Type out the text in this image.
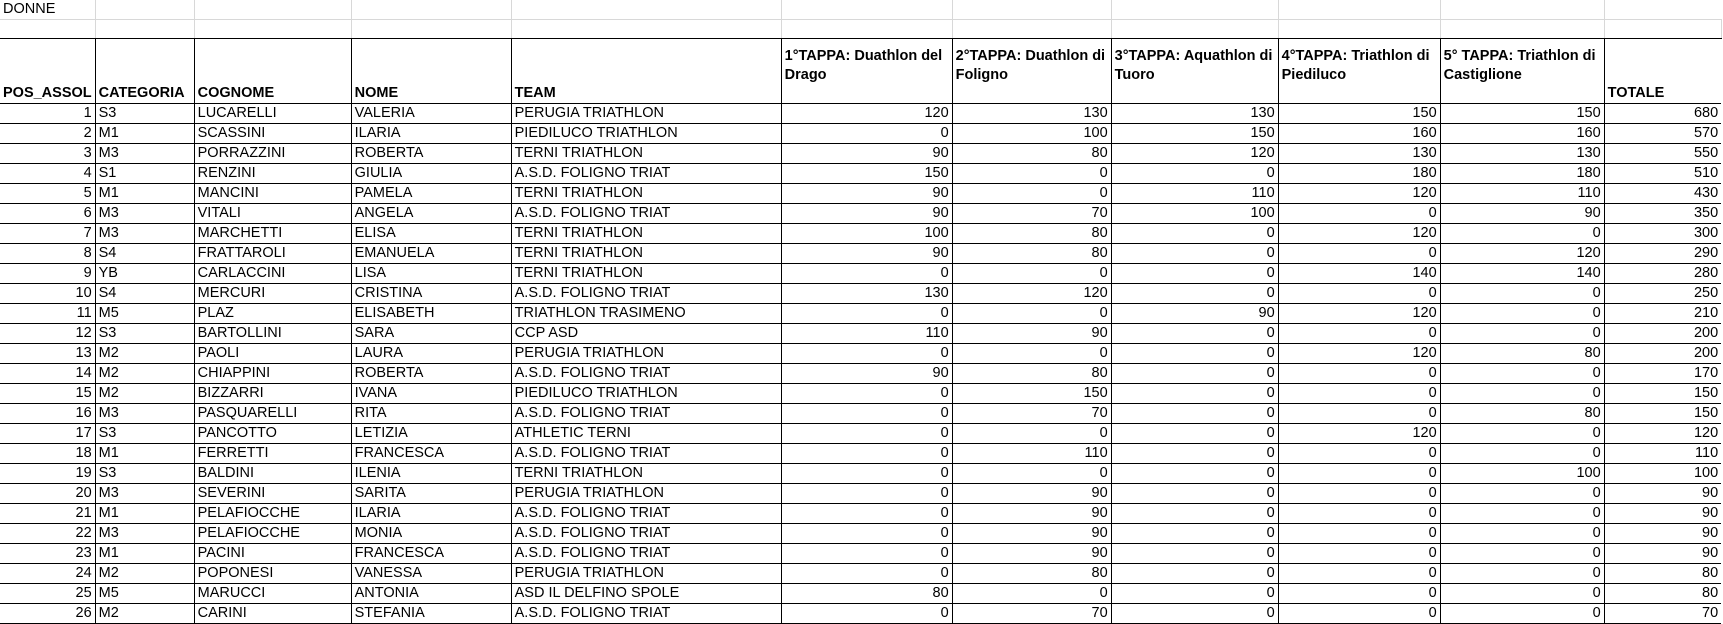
DONNE										

POS_ASSOL	CATEGORIA	COGNOME	NOME	TEAM	1°TAPPA: Duathlon del Drago	2°TAPPA: Duathlon di Foligno	3°TAPPA: Aquathlon di Tuoro	4°TAPPA: Triathlon di Piediluco	5° TAPPA: Triathlon di Castiglione	TOTALE
1	S3	LUCARELLI	VALERIA	PERUGIA TRIATHLON	120	130	130	150	150	680
2	M1	SCASSINI	ILARIA	PIEDILUCO TRIATHLON	0	100	150	160	160	570
3	M3	PORRAZZINI	ROBERTA	TERNI TRIATHLON	90	80	120	130	130	550
4	S1	RENZINI	GIULIA	A.S.D. FOLIGNO TRIAT	150	0	0	180	180	510
5	M1	MANCINI	PAMELA	TERNI TRIATHLON	90	0	110	120	110	430
6	M3	VITALI	ANGELA	A.S.D. FOLIGNO TRIAT	90	70	100	0	90	350
7	M3	MARCHETTI	ELISA	TERNI TRIATHLON	100	80	0	120	0	300
8	S4	FRATTAROLI	EMANUELA	TERNI TRIATHLON	90	80	0	0	120	290
9	YB	CARLACCINI	LISA	TERNI TRIATHLON	0	0	0	140	140	280
10	S4	MERCURI	CRISTINA	A.S.D. FOLIGNO TRIAT	130	120	0	0	0	250
11	M5	PLAZ	ELISABETH	TRIATHLON TRASIMENO	0	0	90	120	0	210
12	S3	BARTOLLINI	SARA	CCP ASD	110	90	0	0	0	200
13	M2	PAOLI	LAURA	PERUGIA TRIATHLON	0	0	0	120	80	200
14	M2	CHIAPPINI	ROBERTA	A.S.D. FOLIGNO TRIAT	90	80	0	0	0	170
15	M2	BIZZARRI	IVANA	PIEDILUCO TRIATHLON	0	150	0	0	0	150
16	M3	PASQUARELLI	RITA	A.S.D. FOLIGNO TRIAT	0	70	0	0	80	150
17	S3	PANCOTTO	LETIZIA	ATHLETIC TERNI	0	0	0	120	0	120
18	M1	FERRETTI	FRANCESCA	A.S.D. FOLIGNO TRIAT	0	110	0	0	0	110
19	S3	BALDINI	ILENIA	TERNI TRIATHLON	0	0	0	0	100	100
20	M3	SEVERINI	SARITA	PERUGIA TRIATHLON	0	90	0	0	0	90
21	M1	PELAFIOCCHE	ILARIA	A.S.D. FOLIGNO TRIAT	0	90	0	0	0	90
22	M3	PELAFIOCCHE	MONIA	A.S.D. FOLIGNO TRIAT	0	90	0	0	0	90
23	M1	PACINI	FRANCESCA	A.S.D. FOLIGNO TRIAT	0	90	0	0	0	90
24	M2	POPONESI	VANESSA	PERUGIA TRIATHLON	0	80	0	0	0	80
25	M5	MARUCCI	ANTONIA	ASD IL DELFINO SPOLE	80	0	0	0	0	80
26	M2	CARINI	STEFANIA	A.S.D. FOLIGNO TRIAT	0	70	0	0	0	70
